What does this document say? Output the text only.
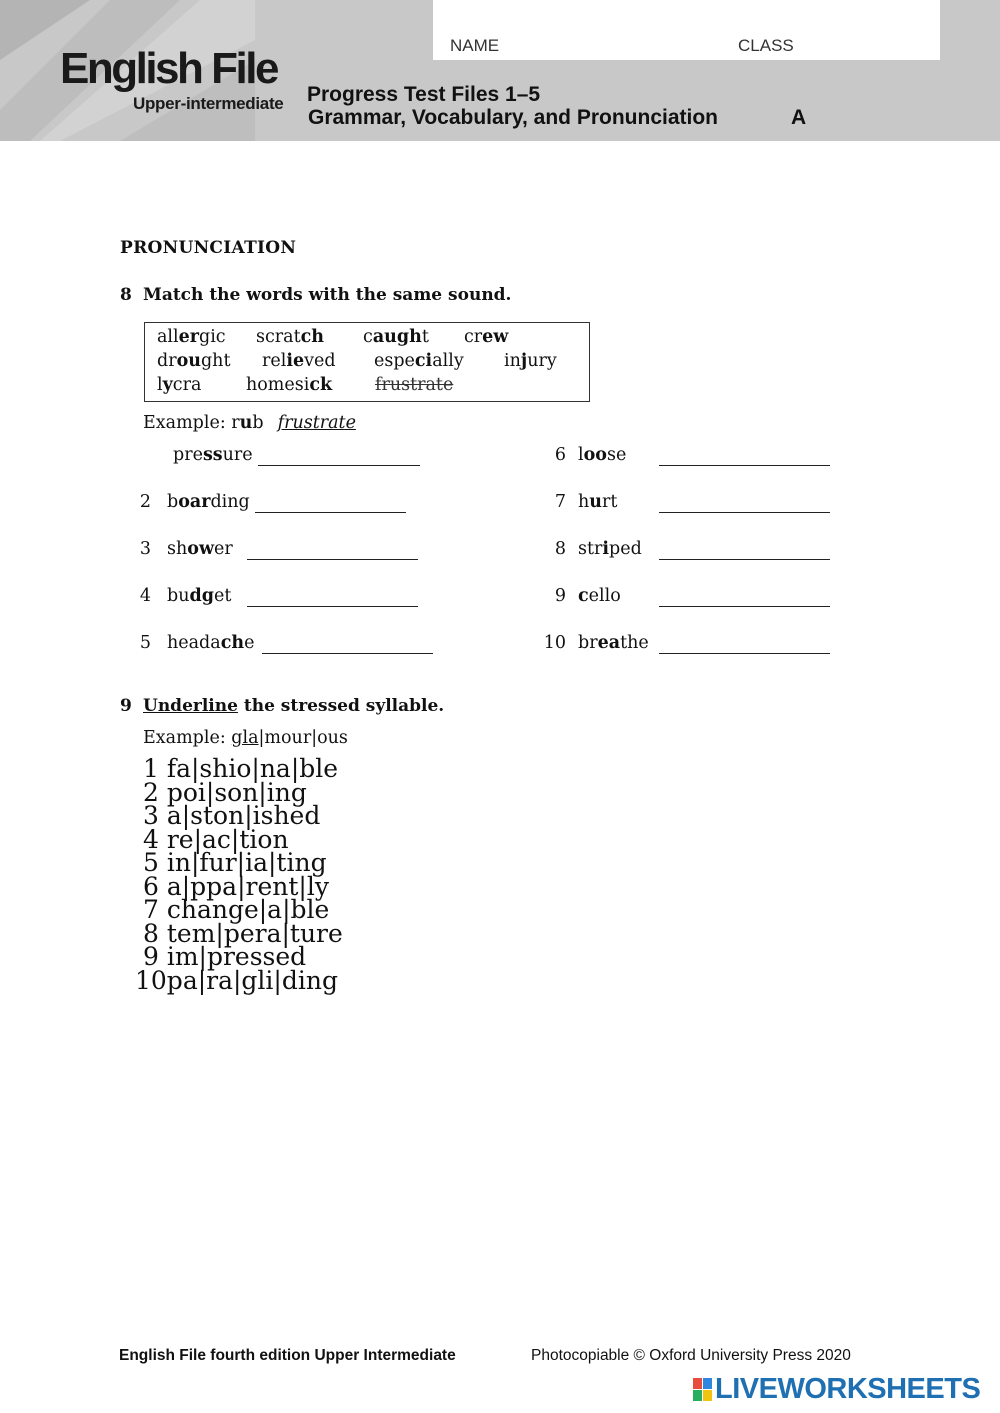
English File
Upper-intermediate
NAME	CLASS
Progress Test Files 1–5
Grammar, Vocabulary, and Pronunciation	A
PRONUNCIATION
8 Match the words with the same sound.
allergic scratch caught crew
drought relieved especially injury
lycra	homesick frustrate
Example: rub frustrate
pressure
2 boarding
3 shower
4 budget
5 headаche
6 loose
7 hurt
8 striped
9 cello
10 breathe
9 Underline the stressed syllable.
Example: gla|mour|ous
1 fa|shio|na|ble
2 poi|son|ing
3 a|ston|ished
4 re|ac|tion
5 in|fur|ia|ting
6 a|ppa|rent|ly
7 change|a|ble
8 tem|pera|ture
9 im|pressed
10pa|ra|gli|ding
English File fourth edition Upper Intermediate	Photocopiable © Oxford University Press 2020
LIVEWORKSHEETS
